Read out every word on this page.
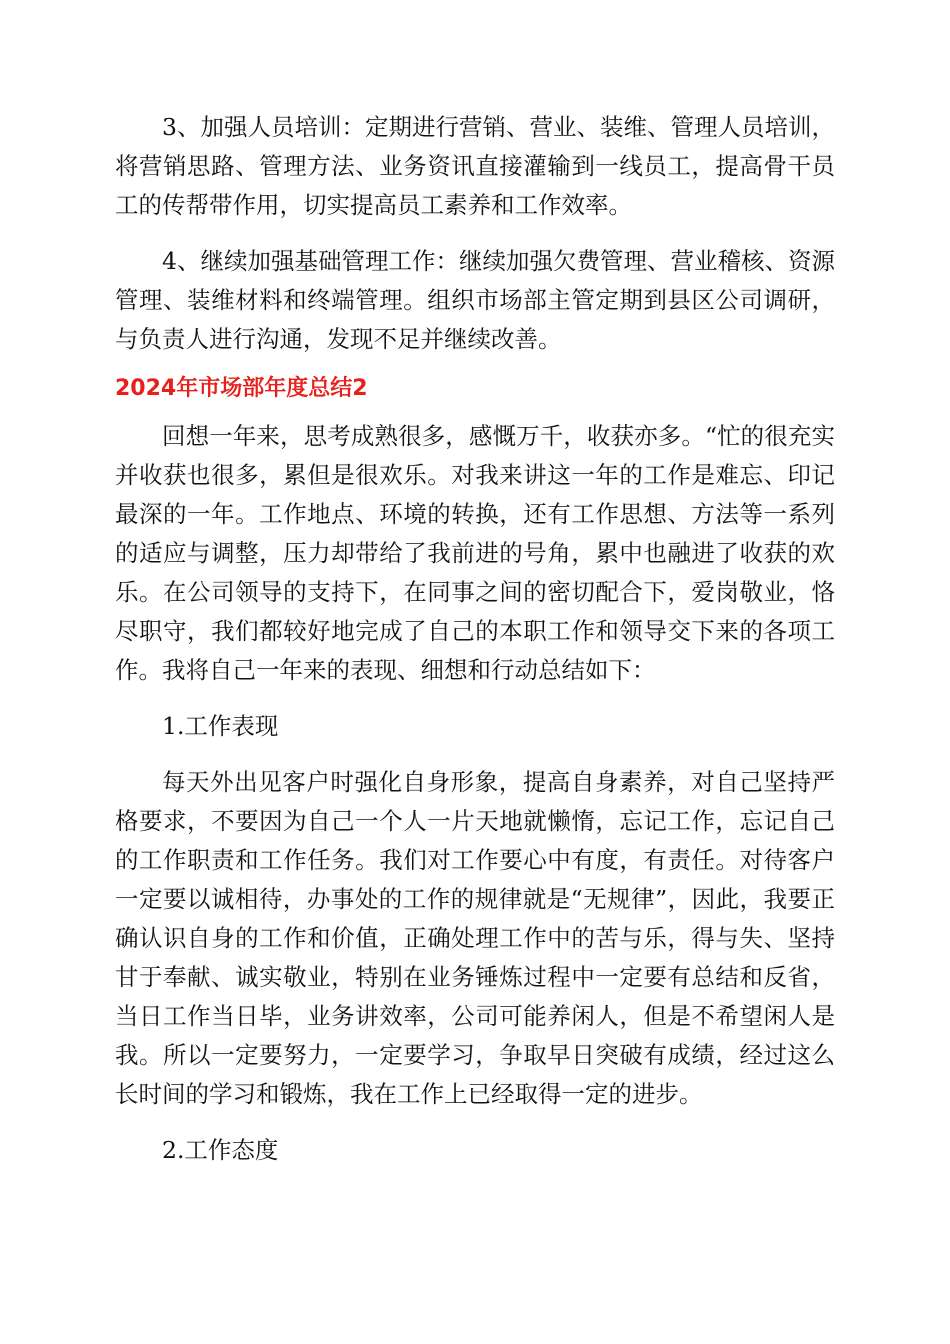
3、加强人员培训：定期进行营销、营业、装维、管理人员培训，将营销思路、管理方法、业务资讯直接灌输到一线员工，提高骨干员工的传帮带作用，切实提高员工素养和工作效率。

4、继续加强基础管理工作：继续加强欠费管理、营业稽核、资源管理、装维材料和终端管理。组织市场部主管定期到县区公司调研，与负责人进行沟通，发现不足并继续改善。

2024年市场部年度总结2

回想一年来，思考成熟很多，感慨万千，收获亦多。“忙的很充实并收获也很多，累但是很欢乐。对我来讲这一年的工作是难忘、印记最深的一年。工作地点、环境的转换，还有工作思想、方法等一系列的适应与调整，压力却带给了我前进的号角，累中也融进了收获的欢乐。在公司领导的支持下，在同事之间的密切配合下，爱岗敬业，恪尽职守，我们都较好地完成了自己的本职工作和领导交下来的各项工作。我将自己一年来的表现、细想和行动总结如下：

1.工作表现

每天外出见客户时强化自身形象，提高自身素养，对自己坚持严格要求，不要因为自己一个人一片天地就懒惰，忘记工作，忘记自己的工作职责和工作任务。我们对工作要心中有度，有责任。对待客户一定要以诚相待，办事处的工作的规律就是“无规律”，因此，我要正确认识自身的工作和价值，正确处理工作中的苦与乐，得与失、坚持甘于奉献、诚实敬业，特别在业务锤炼过程中一定要有总结和反省，当日工作当日毕，业务讲效率，公司可能养闲人，但是不希望闲人是我。所以一定要努力，一定要学习，争取早日突破有成绩，经过这么长时间的学习和锻炼，我在工作上已经取得一定的进步。

2.工作态度
